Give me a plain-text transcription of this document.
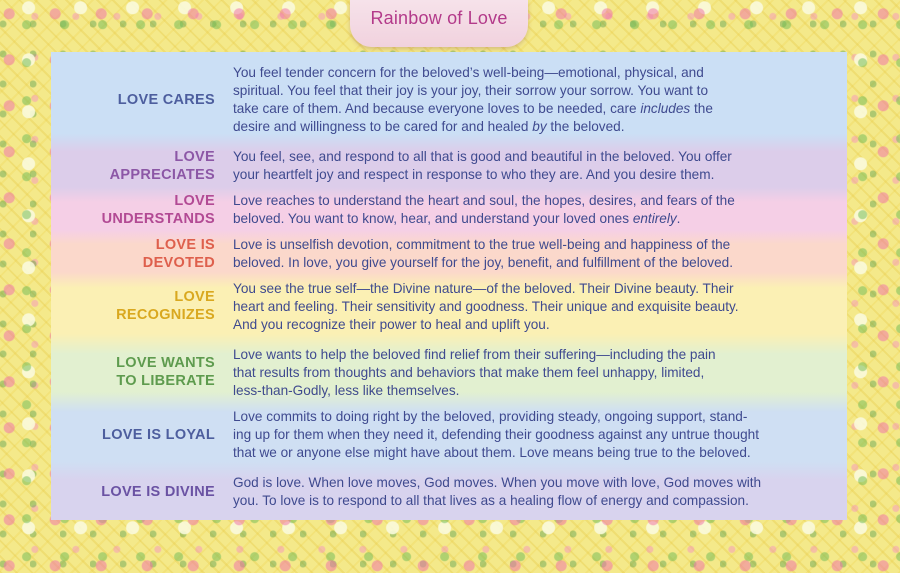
Rainbow of Love
LOVE CARES
You feel tender concern for the beloved’s well-being—emotional, physical, and
spiritual. You feel that their joy is your joy, their sorrow your sorrow. You want to
take care of them. And because everyone loves to be needed, care includes the
desire and willingness to be cared for and healed by the beloved.
LOVE
APPRECIATES
You feel, see, and respond to all that is good and beautiful in the beloved. You offer
your heartfelt joy and respect in response to who they are. And you desire them.
LOVE
UNDERSTANDS
Love reaches to understand the heart and soul, the hopes, desires, and fears of the
beloved. You want to know, hear, and understand your loved ones entirely.
LOVE IS
DEVOTED
Love is unselfish devotion, commitment to the true well-being and happiness of the
beloved. In love, you give yourself for the joy, benefit, and fulfillment of the beloved.
LOVE
RECOGNIZES
You see the true self—the Divine nature—of the beloved. Their Divine beauty. Their
heart and feeling. Their sensitivity and goodness. Their unique and exquisite beauty.
And you recognize their power to heal and uplift you.
LOVE WANTS
TO LIBERATE
Love wants to help the beloved find relief from their suffering—including the pain
that results from thoughts and behaviors that make them feel unhappy, limited,
less-than-Godly, less like themselves.
LOVE IS LOYAL
Love commits to doing right by the beloved, providing steady, ongoing support, stand-
ing up for them when they need it, defending their goodness against any untrue thought
that we or anyone else might have about them. Love means being true to the beloved.
LOVE IS DIVINE
God is love. When love moves, God moves. When you move with love, God moves with
you. To love is to respond to all that lives as a healing flow of energy and compassion.
